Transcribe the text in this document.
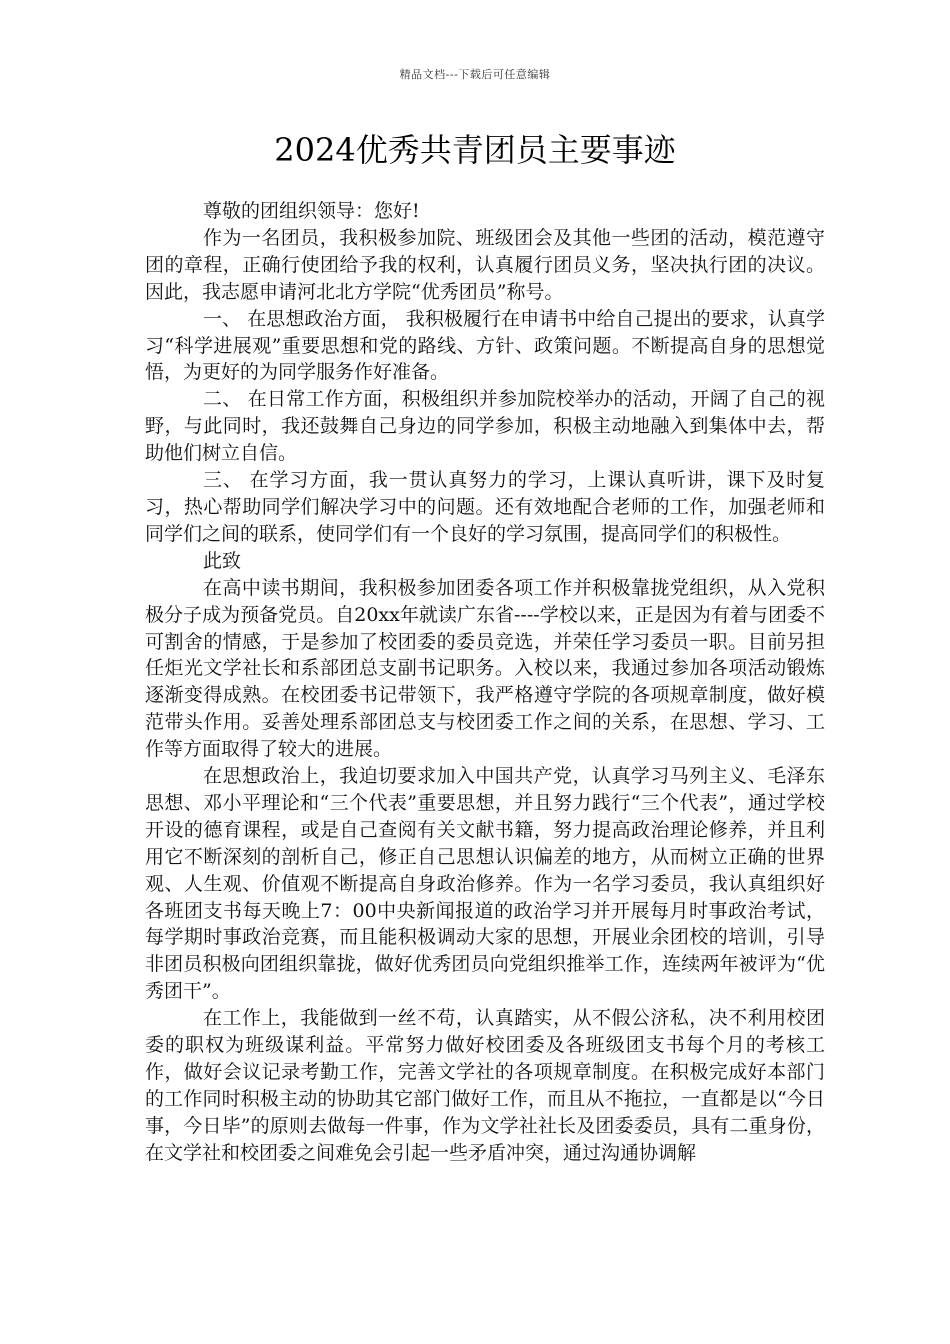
精品文档---下载后可任意编辑
2024优秀共青团员主要事迹

尊敬的团组织领导：您好!

作为一名团员，我积极参加院、班级团会及其他一些团的活动，模范遵守团的章程，正确行使团给予我的权利，认真履行团员义务，坚决执行团的决议。因此，我志愿申请河北北方学院“优秀团员”称号。

一、 在思想政治方面， 我积极履行在申请书中给自己提出的要求，认真学习“科学进展观”重要思想和党的路线、方针、政策问题。不断提高自身的思想觉悟，为更好的为同学服务作好准备。

二、 在日常工作方面，积极组织并参加院校举办的活动，开阔了自己的视野，与此同时，我还鼓舞自己身边的同学参加，积极主动地融入到集体中去，帮助他们树立自信。

三、 在学习方面，我一贯认真努力的学习，上课认真听讲，课下及时复习，热心帮助同学们解决学习中的问题。还有效地配合老师的工作，加强老师和同学们之间的联系，使同学们有一个良好的学习氛围，提高同学们的积极性。

此致

在高中读书期间，我积极参加团委各项工作并积极靠拢党组织，从入党积极分子成为预备党员。自20xx年就读广东省----学校以来，正是因为有着与团委不可割舍的情感，于是参加了校团委的委员竞选，并荣任学习委员一职。目前另担任炬光文学社长和系部团总支副书记职务。入校以来，我通过参加各项活动锻炼逐渐变得成熟。在校团委书记带领下，我严格遵守学院的各项规章制度，做好模范带头作用。妥善处理系部团总支与校团委工作之间的关系，在思想、学习、工作等方面取得了较大的进展。

在思想政治上，我迫切要求加入中国共产党，认真学习马列主义、毛泽东思想、邓小平理论和“三个代表”重要思想，并且努力践行“三个代表”，通过学校开设的德育课程，或是自己查阅有关文献书籍，努力提高政治理论修养，并且利用它不断深刻的剖析自己，修正自己思想认识偏差的地方，从而树立正确的世界观、人生观、价值观不断提高自身政治修养。作为一名学习委员，我认真组织好各班团支书每天晚上7：00中央新闻报道的政治学习并开展每月时事政治考试，每学期时事政治竞赛，而且能积极调动大家的思想，开展业余团校的培训，引导非团员积极向团组织靠拢，做好优秀团员向党组织推举工作，连续两年被评为“优秀团干”。

在工作上，我能做到一丝不苟，认真踏实，从不假公济私，决不利用校团委的职权为班级谋利益。平常努力做好校团委及各班级团支书每个月的考核工作，做好会议记录考勤工作，完善文学社的各项规章制度。在积极完成好本部门的工作同时积极主动的协助其它部门做好工作，而且从不拖拉，一直都是以“今日事，今日毕”的原则去做每一件事，作为文学社社长及团委委员，具有二重身份，在文学社和校团委之间难免会引起一些矛盾冲突，通过沟通协调解
